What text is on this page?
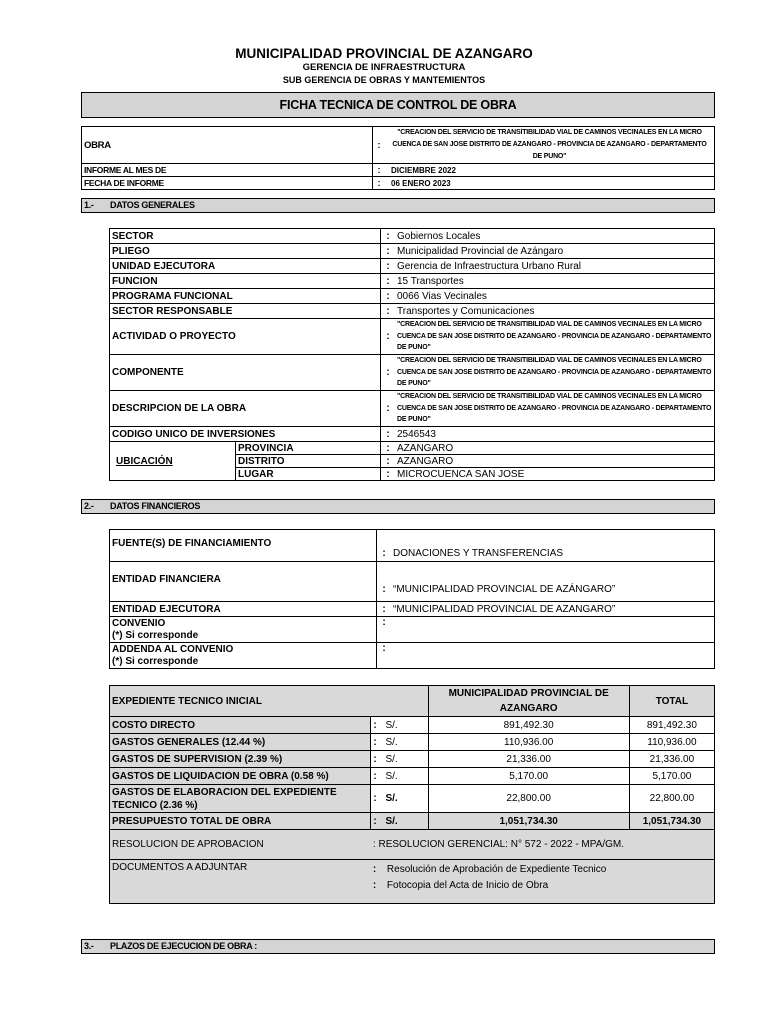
MUNICIPALIDAD PROVINCIAL DE AZANGARO
GERENCIA DE INFRAESTRUCTURA
SUB GERENCIA DE OBRAS Y MANTEMIENTOS
FICHA TECNICA DE CONTROL DE OBRA
OBRA	:	"CREACION DEL SERVICIO DE TRANSITIBILIDAD VIAL DE CAMINOS VECINALES EN LA MICRO CUENCA DE SAN JOSE DISTRITO DE AZANGARO - PROVINCIA DE AZANGARO - DEPARTAMENTO DE PUNO"
INFORME AL MES DE	:	DICIEMBRE 2022
FECHA DE INFORME	:	06 ENERO 2023
1.- DATOS GENERALES
SECTOR		:	Gobiernos Locales
PLIEGO		:	Municipalidad Provincial de Azángaro
UNIDAD EJECUTORA		:	Gerencia de Infraestructura Urbano Rural
FUNCION		:	15 Transportes
PROGRAMA FUNCIONAL		:	0066 Vias Vecinales
SECTOR RESPONSABLE		:	Transportes y Comunicaciones
ACTIVIDAD O PROYECTO		:	"CREACION DEL SERVICIO DE TRANSITIBILIDAD VIAL DE CAMINOS VECINALES EN LA MICRO CUENCA DE SAN JOSE DISTRITO DE AZANGARO - PROVINCIA DE AZANGARO - DEPARTAMENTO DE PUNO"
COMPONENTE		:	"CREACION DEL SERVICIO DE TRANSITIBILIDAD VIAL DE CAMINOS VECINALES EN LA MICRO CUENCA DE SAN JOSE DISTRITO DE AZANGARO - PROVINCIA DE AZANGARO - DEPARTAMENTO DE PUNO"
DESCRIPCION DE LA OBRA		:	"CREACION DEL SERVICIO DE TRANSITIBILIDAD VIAL DE CAMINOS VECINALES EN LA MICRO CUENCA DE SAN JOSE DISTRITO DE AZANGARO - PROVINCIA DE AZANGARO - DEPARTAMENTO DE PUNO"
CODIGO UNICO DE INVERSIONES		:	2546543
UBICACIÓN	PROVINCIA	:	AZANGARO
	DISTRITO	:	AZANGARO
	LUGAR	:	MICROCUENCA SAN JOSE
2.- DATOS FINANCIEROS
FUENTE(S) DE FINANCIAMIENTO	:	DONACIONES Y TRANSFERENCIAS
ENTIDAD FINANCIERA	:	“MUNICIPALIDAD PROVINCIAL DE AZÁNGARO”
ENTIDAD EJECUTORA	:	“MUNICIPALIDAD PROVINCIAL DE AZANGARO”
CONVENIO
(*) Si corresponde	:	
ADDENDA AL CONVENIO
(*) Si corresponde	:	
EXPEDIENTE TECNICO INICIAL			MUNICIPALIDAD PROVINCIAL DE AZANGARO	TOTAL
COSTO DIRECTO	:	S/.	891,492.30	891,492.30
GASTOS GENERALES (12.44 %)	:	S/.	110,936.00	110,936.00
GASTOS DE SUPERVISION (2.39 %)	:	S/.	21,336.00	21,336.00
GASTOS DE LIQUIDACION DE OBRA (0.58 %)	:	S/.	5,170.00	5,170.00
GASTOS DE ELABORACION DEL EXPEDIENTE TECNICO (2.36 %)	:	S/.	22,800.00	22,800.00
PRESUPUESTO TOTAL DE OBRA	:	S/.	1,051,734.30	1,051,734.30
RESOLUCION DE APROBACION	: RESOLUCION GERENCIAL: N° 572 - 2022 - MPA/GM.			
DOCUMENTOS A ADJUNTAR	: Resolución de Aprobación de Expediente Tecnico
: Fotocopia del Acta de Inicio de Obra			
3.- PLAZOS DE EJECUCION DE OBRA :
